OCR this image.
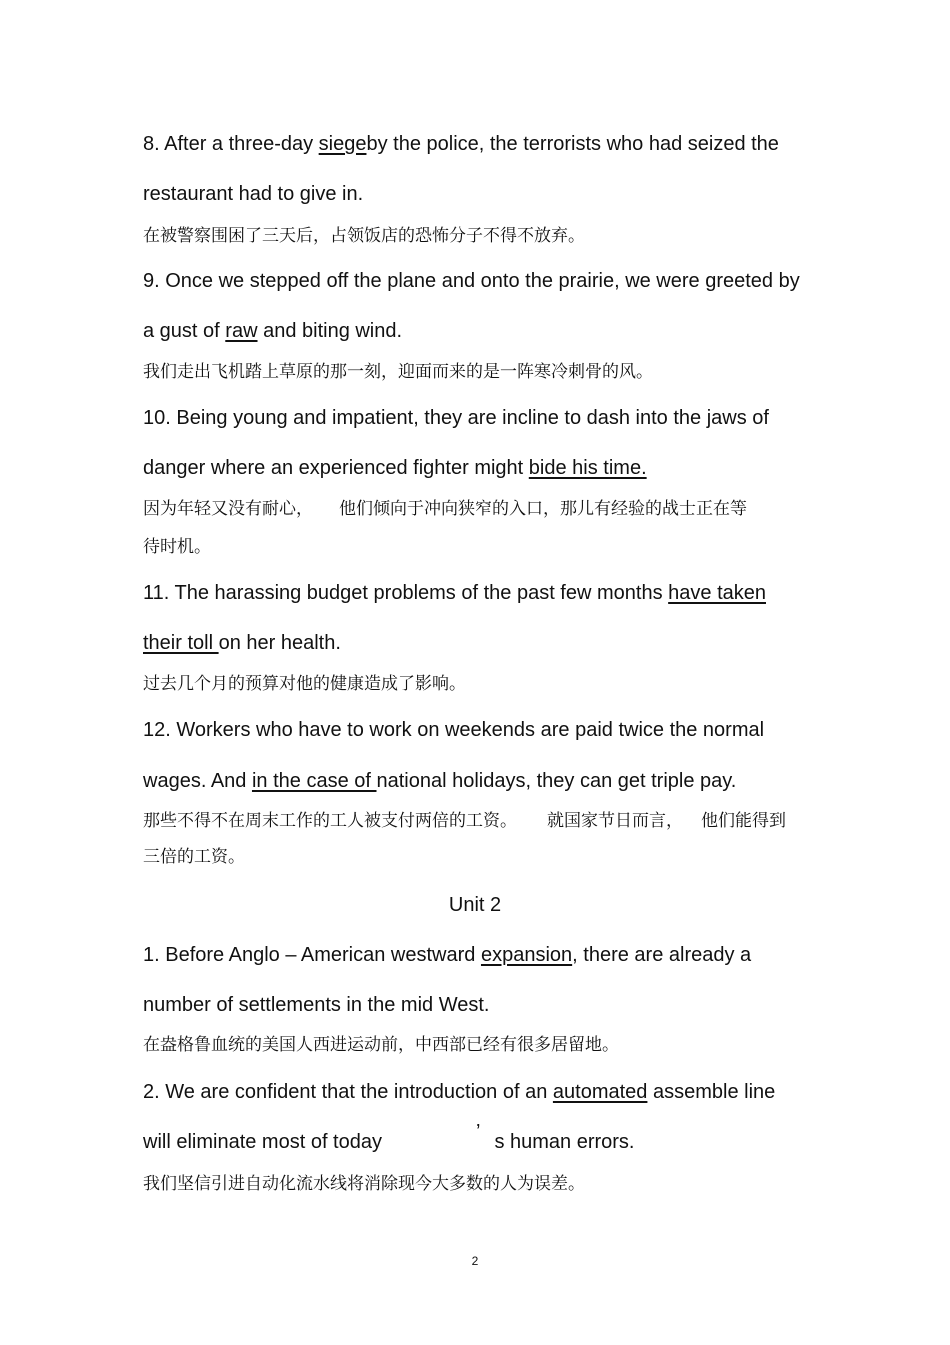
8. After a three-day siegeby the police, the terrorists who had seized the
restaurant had to give in.
在被警察围困了三天后，占领饭店的恐怖分子不得不放弃。
9. Once we stepped off the plane and onto the prairie, we were greeted by
a gust of raw and biting wind.
我们走出飞机踏上草原的那一刻，迎面而来的是一阵寒冷刺骨的风。
10. Being young and impatient, they are incline to dash into the jaws of
danger where an experienced fighter might bide his time.
因为年轻又没有耐心， 他们倾向于冲向狭窄的入口，那儿有经验的战士正在等
待时机。
11. The harassing budget problems of the past few months have taken
their toll on her health.
过去几个月的预算对他的健康造成了影响。
12. Workers who have to work on weekends are paid twice the normal
wages. And in the case of national holidays, they can get triple pay.
那些不得不在周末工作的工人被支付两倍的工资。 就国家节日而言， 他们能得到
三倍的工资。
Unit 2
1. Before Anglo – American westward expansion, there are already a
number of settlements in the mid West.
在盎格鲁血统的美国人西进运动前，中西部已经有很多居留地。
2. We are confident that the introduction of an automated assemble line
will eliminate most of today	’ s human errors.
我们坚信引进自动化流水线将消除现今大多数的人为误差。
2
